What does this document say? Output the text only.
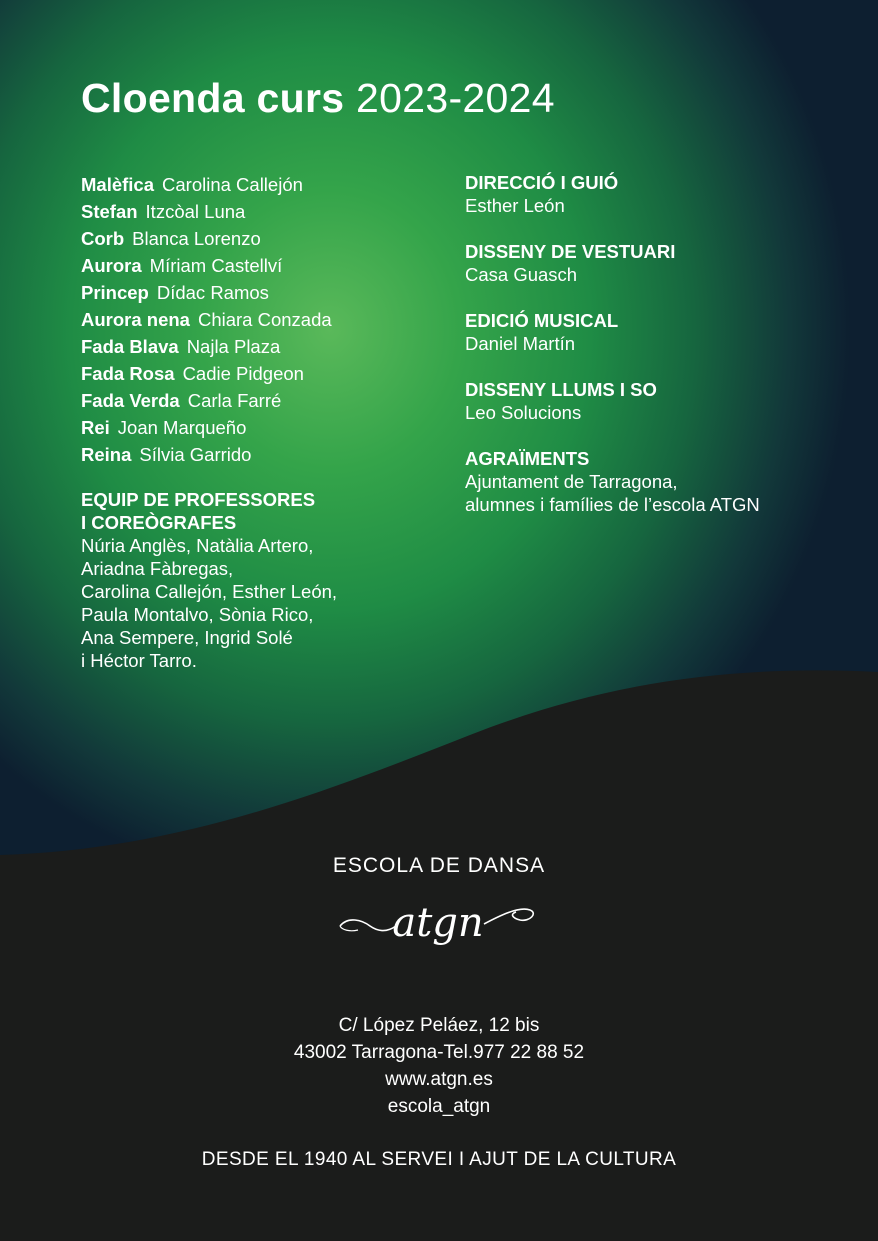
Cloenda curs 2023-2024
Malèfica Carolina Callejón
Stefan Itzcòal Luna
Corb Blanca Lorenzo
Aurora Míriam Castellví
Princep Dídac Ramos
Aurora nena Chiara Conzada
Fada Blava Najla Plaza
Fada Rosa Cadie Pidgeon
Fada Verda Carla Farré
Rei Joan Marqueño
Reina Sílvia Garrido
EQUIP DE PROFESSORES
I COREÒGRAFES
Núria Anglès, Natàlia Artero,
Ariadna Fàbregas,
Carolina Callejón, Esther León,
Paula Montalvo, Sònia Rico,
Ana Sempere, Ingrid Solé
i Héctor Tarro.
DIRECCIÓ I GUIÓ
Esther León
DISSENY DE VESTUARI
Casa Guasch
EDICIÓ MUSICAL
Daniel Martín
DISSENY LLUMS I SO
Leo Solucions
AGRAÏMENTS
Ajuntament de Tarragona,
alumnes i famílies de l’escola ATGN
ESCOLA DE DANSA
atgn
C/ López Peláez, 12 bis
43002 Tarragona-Tel.977 22 88 52
www.atgn.es
escola_atgn
DESDE EL 1940 AL SERVEI I AJUT DE LA CULTURA
